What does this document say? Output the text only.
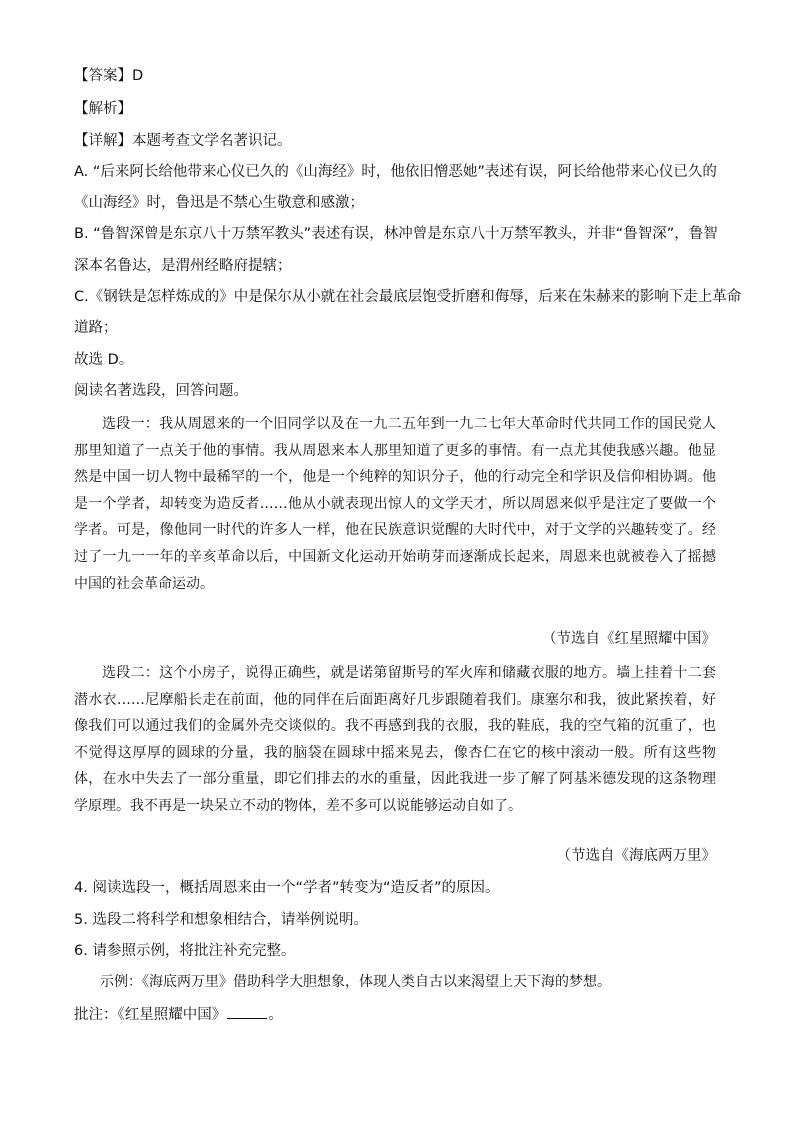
【答案】D
【解析】
【详解】本题考查文学名著识记。
A. “后来阿长给他带来心仪已久的《山海经》时，他依旧憎恶她”表述有误，阿长给他带来心仪已久的
《山海经》时，鲁迅是不禁心生敬意和感激；
B. “鲁智深曾是东京八十万禁军教头”表述有误，林冲曾是东京八十万禁军教头，并非“鲁智深”，鲁智
深本名鲁达，是渭州经略府提辖；
C.《钢铁是怎样炼成的》中是保尔从小就在社会最底层饱受折磨和侮辱，后来在朱赫来的影响下走上革命
道路；
故选 D。
阅读名著选段，回答问题。

选段一：我从周恩来的一个旧同学以及在一九二五年到一九二七年大革命时代共同工作的国民党人那里知道了一点关于他的事情。我从周恩来本人那里知道了更多的事情。有一点尤其使我感兴趣。他显然是中国一切人物中最稀罕的一个，他是一个纯粹的知识分子，他的行动完全和学识及信仰相协调。他是一个学者，却转变为造反者……他从小就表现出惊人的文学天才，所以周恩来似乎是注定了要做一个学者。可是，像他同一时代的许多人一样，他在民族意识觉醒的大时代中，对于文学的兴趣转变了。经过了一九一一年的辛亥革命以后，中国新文化运动开始萌芽而逐渐成长起来，周恩来也就被卷入了摇撼中国的社会革命运动。

（节选自《红星照耀中国》

选段二：这个小房子，说得正确些，就是诺第留斯号的军火库和储藏衣服的地方。墙上挂着十二套潜水衣……尼摩船长走在前面，他的同伴在后面距离好几步跟随着我们。康塞尔和我，彼此紧挨着，好像我们可以通过我们的金属外壳交谈似的。我不再感到我的衣服，我的鞋底，我的空气箱的沉重了，也不觉得这厚厚的圆球的分量，我的脑袋在圆球中摇来晃去，像杏仁在它的核中滚动一般。所有这些物体，在水中失去了一部分重量，即它们排去的水的重量，因此我进一步了解了阿基米德发现的这条物理学原理。我不再是一块呆立不动的物体，差不多可以说能够运动自如了。

（节选自《海底两万里》
4. 阅读选段一，概括周恩来由一个“学者”转变为“造反者”的原因。
5. 选段二将科学和想象相结合，请举例说明。
6. 请参照示例，将批注补充完整。
示例：《海底两万里》借助科学大胆想象，体现人类自古以来渴望上天下海的梦想。
批注：《红星照耀中国》	。
